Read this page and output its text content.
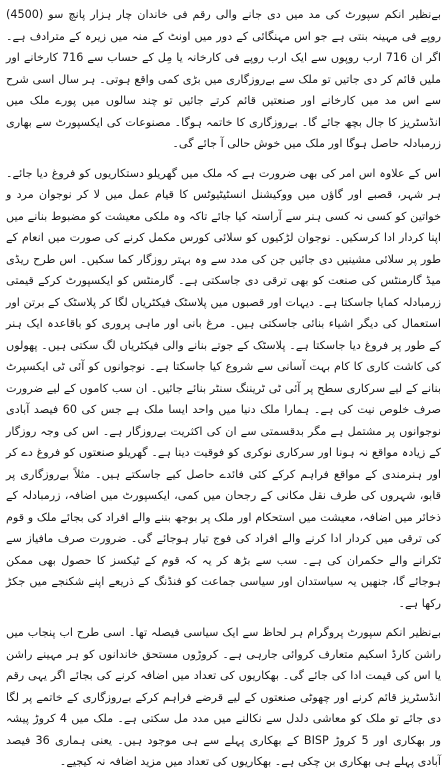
بےنظیر انکم سپورٹ کی مد میں دی جانے والی رقم فی خاندان چار ہزار پانچ سو (4500) روپے فی مہینہ بنتی ہے جو اس مہنگائی کے دور میں اونٹ کے منہ میں زیرہ کے مترادف ہے۔ اگر ان 716 ارب روپوں سے ایک ارب روپے فی کارخانہ یا مِل کے حساب سے 716 کارخانے اور ملیں قائم کر دی جاتیں تو ملک سے بےروزگاری میں بڑی کمی واقع ہوتی۔ ہر سال اسی شرح سے اس مد میں کارخانے اور صنعتیں قائم کرتے جائیں تو چند سالوں میں پورے ملک میں انڈسٹریز کا جال بچھ جائے گا۔ بےروزگاری کا خاتمہ ہوگا۔ مصنوعات کی ایکسپورٹ سے بھاری زرمبادلہ حاصل ہوگا اور ملک میں خوش حالی آ جائے گی۔

اس کے علاوہ اس امر کی بھی ضرورت ہے کہ ملک میں گھریلو دستکاریوں کو فروغ دیا جائے۔ ہر شہر، قصبے اور گاؤں میں ووکیشنل انسٹیٹیوٹس کا قیام عمل میں لا کر نوجوان مرد و خواتین کو کسی نہ کسی ہنر سے آراستہ کیا جائے تاکہ وہ ملکی معیشت کو مضبوط بنانے میں اپنا کردار ادا کرسکیں۔ نوجوان لڑکیوں کو سلائی کورس مکمل کرنے کی صورت میں انعام کے طور پر سلائی مشینیں دی جائیں جن کی مدد سے وہ بہتر روزگار کما سکیں۔ اس طرح ریڈی میڈ گارمنٹس کی صنعت کو بھی ترقی دی جاسکتی ہے۔ گارمنٹس کو ایکسپورٹ کرکے قیمتی زرمبادلہ کمایا جاسکتا ہے۔ دیہات اور قصبوں میں پلاسٹک فیکٹریاں لگا کر پلاسٹک کے برتن اور استعمال کی دیگر اشیاء بنائی جاسکتی ہیں۔ مرغ بانی اور ماہی پروری کو باقاعدہ ایک ہنر کے طور پر فروغ دیا جاسکتا ہے۔ پلاسٹک کے جوتے بنانے والی فیکٹریاں لگ سکتی ہیں۔ پھولوں کی کاشت کاری کا کام بہت آسانی سے شروع کیا جاسکتا ہے۔ نوجوانوں کو آئی ٹی ایکسپرٹ بنانے کے لیے سرکاری سطح پر آئی ٹی ٹریننگ سنٹر بنائے جائیں۔ ان سب کاموں کے لیے ضرورت صرف خلوص نیت کی ہے۔ ہمارا ملک دنیا میں واحد ایسا ملک ہے جس کی 60 فیصد آبادی نوجوانوں پر مشتمل ہے مگر بدقسمتی سے ان کی اکثریت بےروزگار ہے۔ اس کی وجہ روزگار کے زیادہ مواقع نہ ہونا اور سرکاری نوکری کو فوقیت دینا ہے۔ گھریلو صنعتوں کو فروغ دے کر اور ہنرمندی کے مواقع فراہم کرکے کئی فائدے حاصل کیے جاسکتے ہیں۔ مثلاً بےروزگاری پر قابو، شہروں کی طرف نقل مکانی کے رجحان میں کمی، ایکسپورٹ میں اضافہ، زرمبادلہ کے ذخائر میں اضافہ، معیشت میں استحکام اور ملک پر بوجھ بننے والے افراد کی بجائے ملک و قوم کی ترقی میں کردار ادا کرنے والے افراد کی فوج تیار ہوجائے گی۔ ضرورت صرف مافیاز سے ٹکرانے والے حکمران کی ہے۔ سب سے بڑھ کر یہ کہ قوم کے ٹیکسز کا حصول بھی ممکن ہوجائے گا، جنھیں یہ سیاستدان اور سیاسی جماعت کو فنڈنگ کے ذریعے اپنے شکنجے میں جکڑ رکھا ہے۔

بےنظیر انکم سپورٹ پروگرام ہر لحاظ سے ایک سیاسی فیصلہ تھا۔ اسی طرح اب پنجاب میں راشن کارڈ اسکیم متعارف کروائی جارہی ہے۔ کروڑوں مستحق خاندانوں کو ہر مہینے راشن یا اس کی قیمت ادا کی جائے گی۔ بھکاریوں کی تعداد میں اضافہ کرنے کی بجائے اگر یہی رقم انڈسٹریز قائم کرنے اور چھوٹی صنعتوں کے لیے قرضے فراہم کرکے بےروزگاری کے خاتمے پر لگا دی جائے تو ملک کو معاشی دلدل سے نکالنے میں مدد مل سکتی ہے۔ ملک میں 4 کروڑ پیشہ ور بھکاری اور 5 کروڑ BISP کے بھکاری پہلے سے ہی موجود ہیں۔ یعنی ہماری 36 فیصد آبادی پہلے ہی بھکاری بن چکی ہے۔ بھکاریوں کی تعداد میں مزید اضافہ نہ کیجیے۔
